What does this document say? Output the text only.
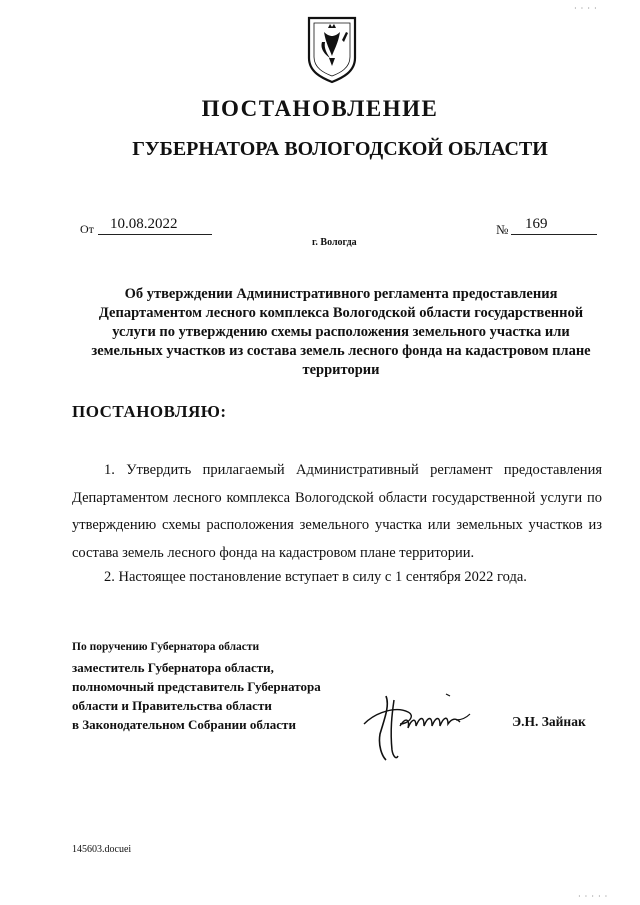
ПОСТАНОВЛЕНИЕ
ГУБЕРНАТОРА ВОЛОГОДСКОЙ ОБЛАСТИ
От	10.08.2022	№	169
г. Вологда
Об утверждении Административного регламента предоставления Департаментом лесного комплекса Вологодской области государственной услуги по утверждению схемы расположения земельного участка или земельных участков из состава земель лесного фонда на кадастровом плане территории
ПОСТАНОВЛЯЮ:
1. Утвердить прилагаемый Административный регламент предоставления Департаментом лесного комплекса Вологодской области государственной услуги по утверждению схемы расположения земельного участка или земельных участков из состава земель лесного фонда на кадастровом плане территории.
2. Настоящее постановление вступает в силу с 1 сентября 2022 года.
По поручению Губернатора области
заместитель Губернатора области,
полномочный представитель Губернатора
области и Правительства области
в Законодательном Собрании области	Э.Н. Зайнак
145603.docuei
· · · ·
· · · · ·
